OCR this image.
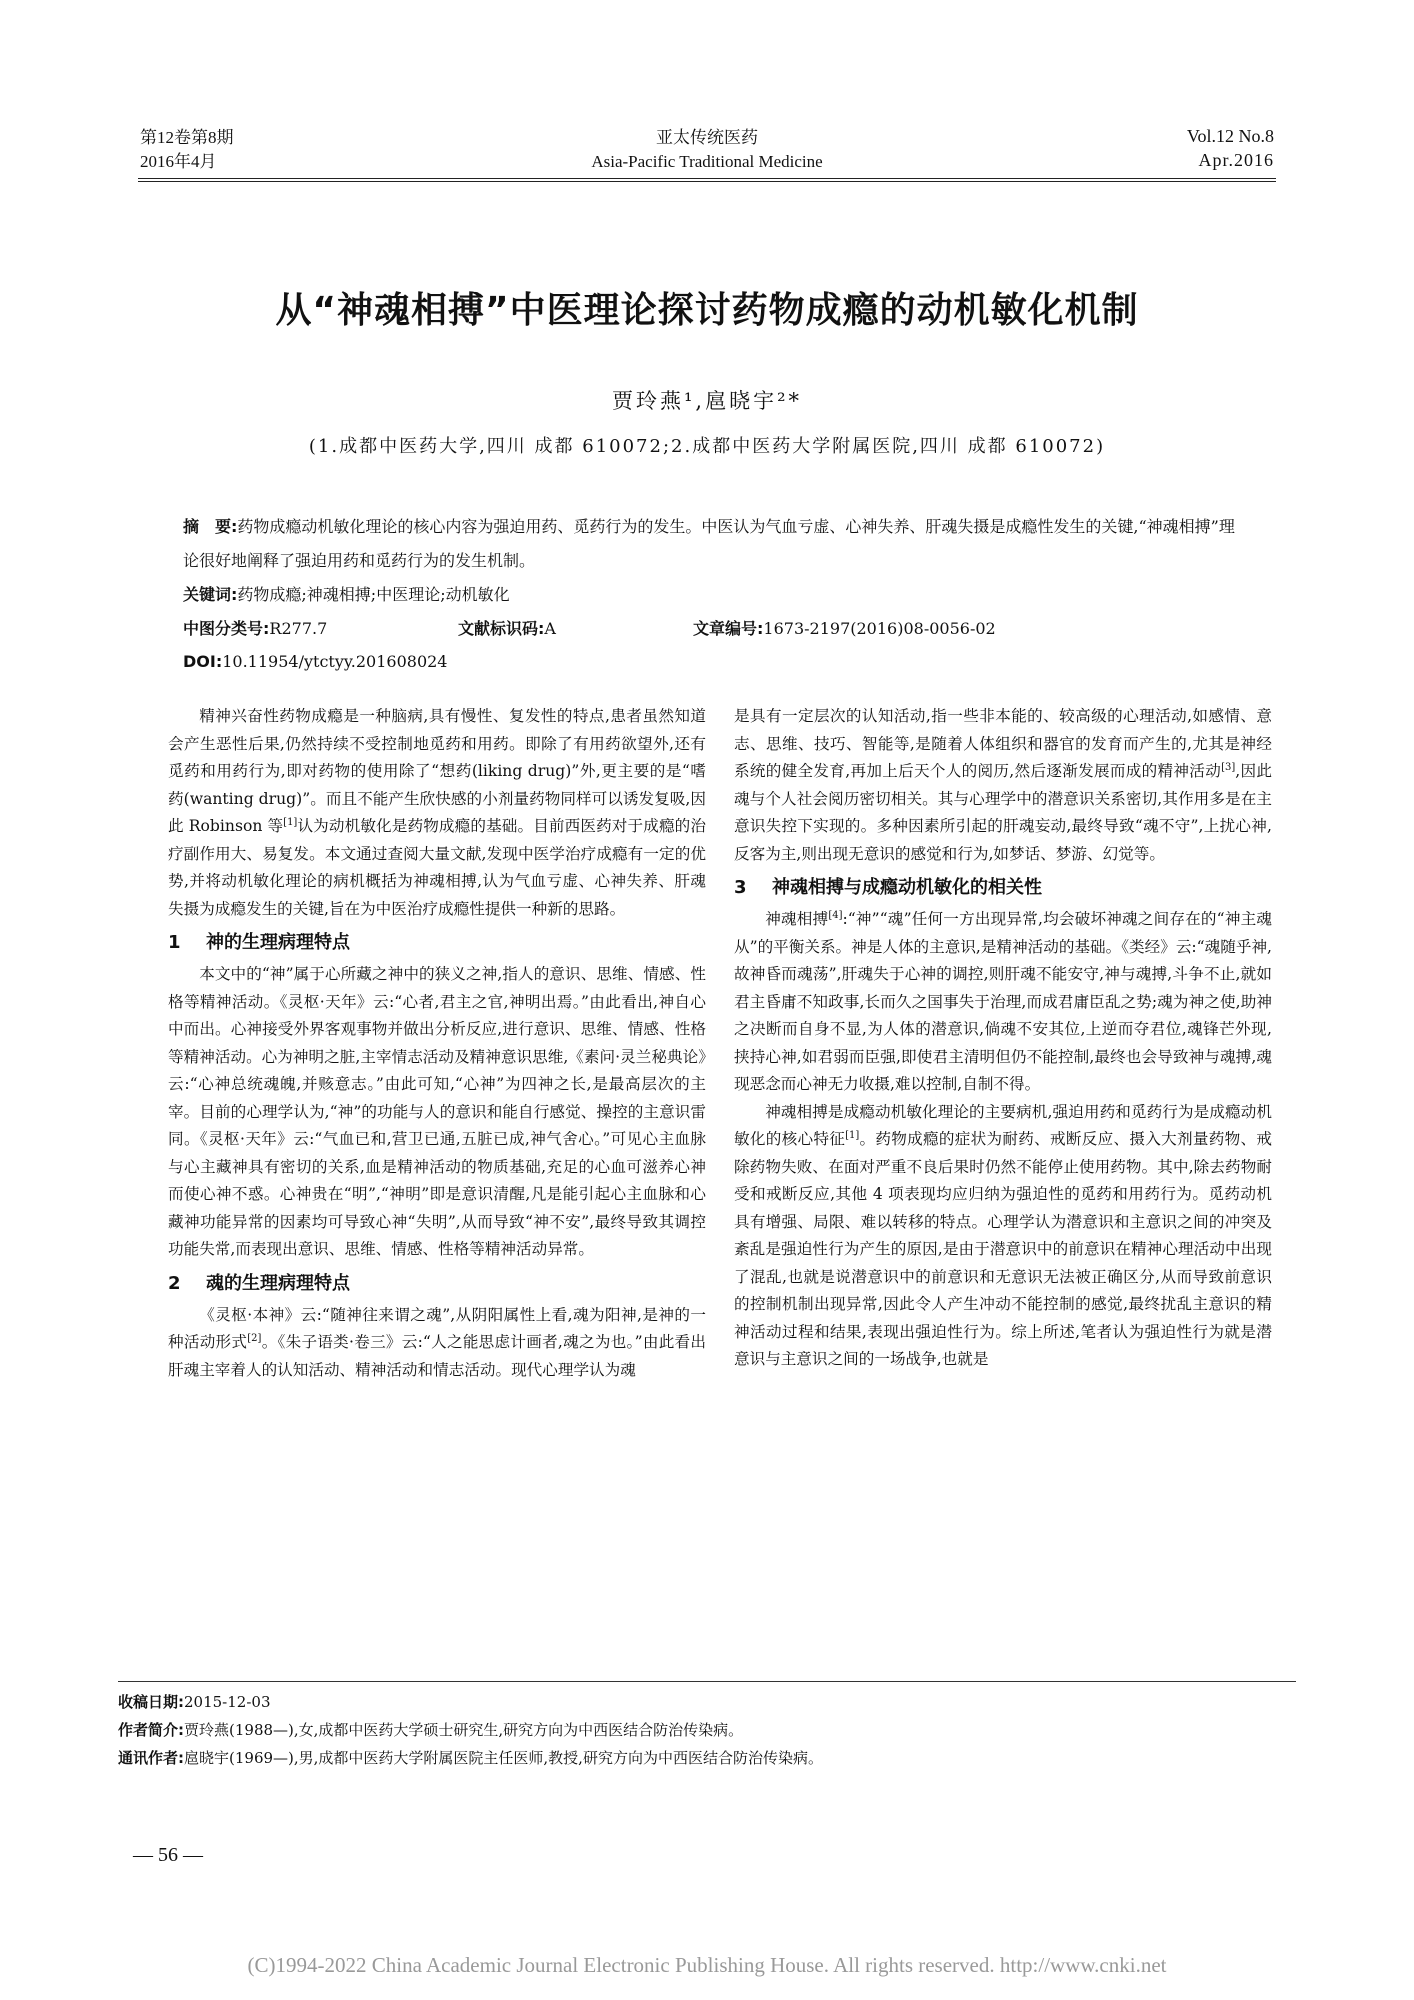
第12卷第8期
2016年4月
亚太传统医药
Asia-Pacific Traditional Medicine
Vol.12 No.8
Apr.2016
从“神魂相搏”中医理论探讨药物成瘾的动机敏化机制
贾玲燕¹,扈晓宇²*
(1.成都中医药大学,四川 成都 610072;2.成都中医药大学附属医院,四川 成都 610072)
摘　要:药物成瘾动机敏化理论的核心内容为强迫用药、觅药行为的发生。中医认为气血亏虚、心神失养、肝魂失摄是成瘾性发生的关键,“神魂相搏”理论很好地阐释了强迫用药和觅药行为的发生机制。
关键词:药物成瘾;神魂相搏;中医理论;动机敏化
中图分类号:R277.7	文献标识码:A	文章编号:1673-2197(2016)08-0056-02
DOI:10.11954/ytctyy.201608024

精神兴奋性药物成瘾是一种脑病,具有慢性、复发性的特点,患者虽然知道会产生恶性后果,仍然持续不受控制地觅药和用药。即除了有用药欲望外,还有觅药和用药行为,即对药物的使用除了“想药(liking drug)”外,更主要的是“嗜药(wanting drug)”。而且不能产生欣快感的小剂量药物同样可以诱发复吸,因此 Robinson 等[1]认为动机敏化是药物成瘾的基础。目前西医药对于成瘾的治疗副作用大、易复发。本文通过查阅大量文献,发现中医学治疗成瘾有一定的优势,并将动机敏化理论的病机概括为神魂相搏,认为气血亏虚、心神失养、肝魂失摄为成瘾发生的关键,旨在为中医治疗成瘾性提供一种新的思路。

1 神的生理病理特点

本文中的“神”属于心所藏之神中的狭义之神,指人的意识、思维、情感、性格等精神活动。《灵枢·天年》云:“心者,君主之官,神明出焉。”由此看出,神自心中而出。心神接受外界客观事物并做出分析反应,进行意识、思维、情感、性格等精神活动。心为神明之脏,主宰情志活动及精神意识思维,《素问·灵兰秘典论》云:“心神总统魂魄,并赅意志。”由此可知,“心神”为四神之长,是最高层次的主宰。目前的心理学认为,“神”的功能与人的意识和能自行感觉、操控的主意识雷同。《灵枢·天年》云:“气血已和,营卫已通,五脏已成,神气舍心。”可见心主血脉与心主藏神具有密切的关系,血是精神活动的物质基础,充足的心血可滋养心神而使心神不惑。心神贵在“明”,“神明”即是意识清醒,凡是能引起心主血脉和心藏神功能异常的因素均可导致心神“失明”,从而导致“神不安”,最终导致其调控功能失常,而表现出意识、思维、情感、性格等精神活动异常。

2 魂的生理病理特点

《灵枢·本神》云:“随神往来谓之魂”,从阴阳属性上看,魂为阳神,是神的一种活动形式[2]。《朱子语类·卷三》云:“人之能思虑计画者,魂之为也。”由此看出肝魂主宰着人的认知活动、精神活动和情志活动。现代心理学认为魂

是具有一定层次的认知活动,指一些非本能的、较高级的心理活动,如感情、意志、思维、技巧、智能等,是随着人体组织和器官的发育而产生的,尤其是神经系统的健全发育,再加上后天个人的阅历,然后逐渐发展而成的精神活动[3],因此魂与个人社会阅历密切相关。其与心理学中的潜意识关系密切,其作用多是在主意识失控下实现的。多种因素所引起的肝魂妄动,最终导致“魂不守”,上扰心神,反客为主,则出现无意识的感觉和行为,如梦话、梦游、幻觉等。

3 神魂相搏与成瘾动机敏化的相关性

神魂相搏[4]:“神”“魂”任何一方出现异常,均会破坏神魂之间存在的“神主魂从”的平衡关系。神是人体的主意识,是精神活动的基础。《类经》云:“魂随乎神,故神昏而魂荡”,肝魂失于心神的调控,则肝魂不能安守,神与魂搏,斗争不止,就如君主昏庸不知政事,长而久之国事失于治理,而成君庸臣乱之势;魂为神之使,助神之决断而自身不显,为人体的潜意识,倘魂不安其位,上逆而夺君位,魂锋芒外现,挟持心神,如君弱而臣强,即使君主清明但仍不能控制,最终也会导致神与魂搏,魂现恶念而心神无力收摄,难以控制,自制不得。

神魂相搏是成瘾动机敏化理论的主要病机,强迫用药和觅药行为是成瘾动机敏化的核心特征[1]。药物成瘾的症状为耐药、戒断反应、摄入大剂量药物、戒除药物失败、在面对严重不良后果时仍然不能停止使用药物。其中,除去药物耐受和戒断反应,其他 4 项表现均应归纳为强迫性的觅药和用药行为。觅药动机具有增强、局限、难以转移的特点。心理学认为潜意识和主意识之间的冲突及紊乱是强迫性行为产生的原因,是由于潜意识中的前意识在精神心理活动中出现了混乱,也就是说潜意识中的前意识和无意识无法被正确区分,从而导致前意识的控制机制出现异常,因此令人产生冲动不能控制的感觉,最终扰乱主意识的精神活动过程和结果,表现出强迫性行为。综上所述,笔者认为强迫性行为就是潜意识与主意识之间的一场战争,也就是

收稿日期:2015-12-03
作者简介:贾玲燕(1988—),女,成都中医药大学硕士研究生,研究方向为中西医结合防治传染病。
通讯作者:扈晓宇(1969—),男,成都中医药大学附属医院主任医师,教授,研究方向为中西医结合防治传染病。
— 56 —
(C)1994-2022 China Academic Journal Electronic Publishing House. All rights reserved. http://www.cnki.net
